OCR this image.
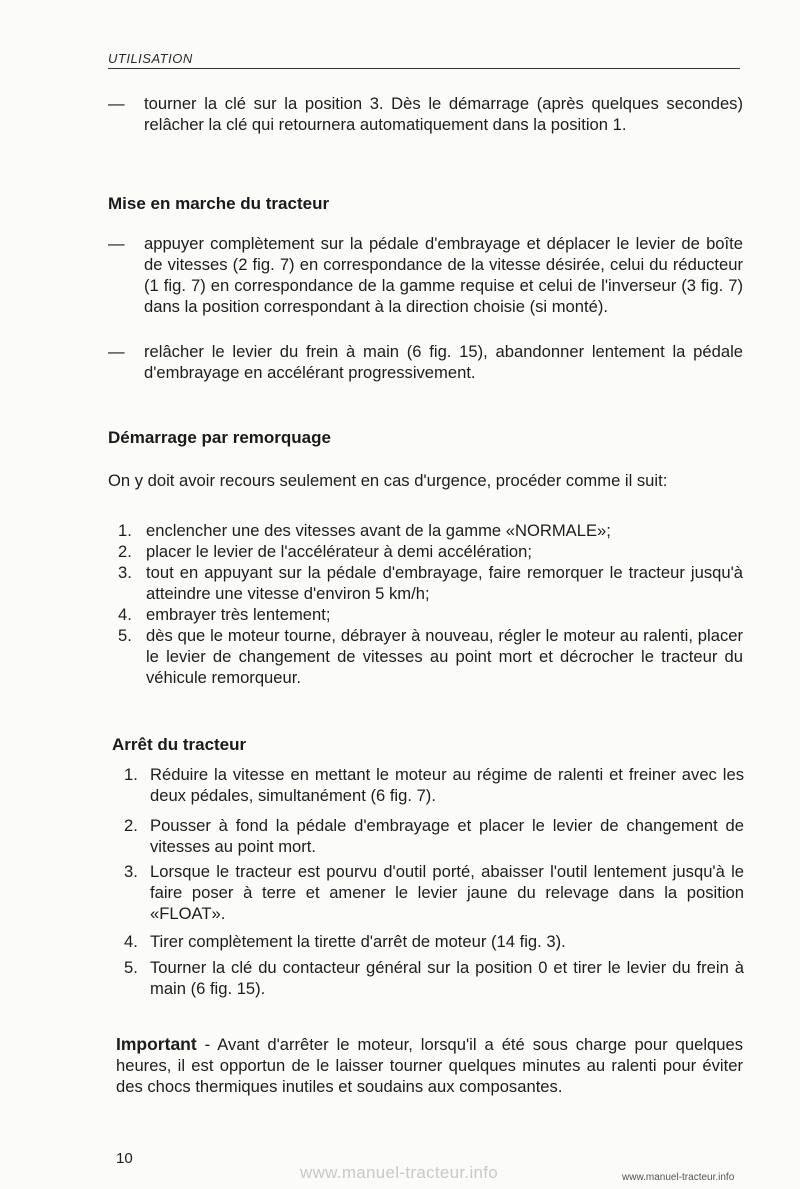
UTILISATION
—	tourner la clé sur la position 3. Dès le démarrage (après quelques secondes) relâcher la clé qui retournera automatiquement dans la position 1.
Mise en marche du tracteur
—	appuyer complètement sur la pédale d'embrayage et déplacer le levier de boîte de vitesses (2 fig. 7) en correspondance de la vitesse désirée, celui du réducteur (1 fig. 7) en correspondance de la gamme requise et celui de l'inverseur (3 fig. 7) dans la position correspondant à la direction choisie (si monté).
—	relâcher le levier du frein à main (6 fig. 15), abandonner lentement la pédale d'embrayage en accélérant progressivement.
Démarrage par remorquage
On y doit avoir recours seulement en cas d'urgence, procéder comme il suit:
1. enclencher une des vitesses avant de la gamme «NORMALE»;
2. placer le levier de l'accélérateur à demi accélération;
3. tout en appuyant sur la pédale d'embrayage, faire remorquer le tracteur jusqu'à atteindre une vitesse d'environ 5 km/h;
4. embrayer très lentement;
5. dès que le moteur tourne, débrayer à nouveau, régler le moteur au ralenti, placer le levier de changement de vitesses au point mort et décrocher le tracteur du véhicule remorqueur.
Arrêt du tracteur
1. Réduire la vitesse en mettant le moteur au régime de ralenti et freiner avec les deux pédales, simultanément (6 fig. 7).
2. Pousser à fond la pédale d'embrayage et placer le levier de changement de vitesses au point mort.
3. Lorsque le tracteur est pourvu d'outil porté, abaisser l'outil lentement jusqu'à le faire poser à terre et amener le levier jaune du relevage dans la position «FLOAT».
4. Tirer complètement la tirette d'arrêt de moteur (14 fig. 3).
5. Tourner la clé du contacteur général sur la position 0 et tirer le levier du frein à main (6 fig. 15).
Important - Avant d'arrêter le moteur, lorsqu'il a été sous charge pour quelques heures, il est opportun de le laisser tourner quelques minutes au ralenti pour éviter des chocs thermiques inutiles et soudains aux composantes.
10
www.manuel-tracteur.info	www.manuel-tracteur.info
